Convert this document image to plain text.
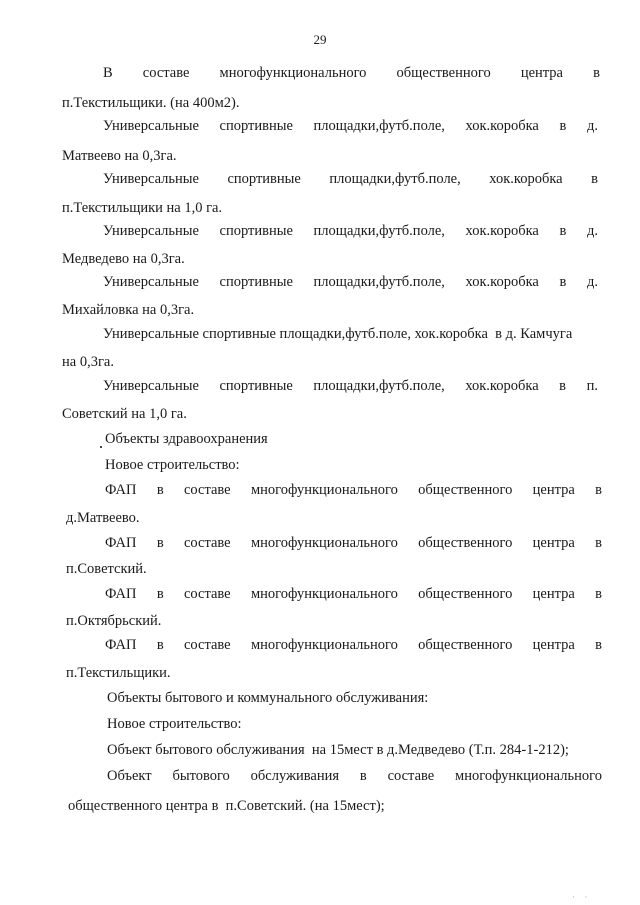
29
В составе многофункционального общественного центра в
п.Текстильщики. (на 400м2).
Универсальные спортивные площадки,футб.поле, хок.коробка в д.
Матвеево на 0,3га.
Универсальные спортивные площадки,футб.поле, хок.коробка в
п.Текстильщики на 1,0 га.
Универсальные спортивные площадки,футб.поле, хок.коробка в д.
Медведево на 0,3га.
Универсальные спортивные площадки,футб.поле, хок.коробка в д.
Михайловка на 0,3га.
Универсальные спортивные площадки,футб.поле, хок.коробка  в д. Камчуга
на 0,3га.
Универсальные спортивные площадки,футб.поле, хок.коробка в п.
Советский на 1,0 га.
Объекты здравоохранения
Новое строительство:
ФАП в составе многофункционального общественного центра в
д.Матвеево.
ФАП в составе многофункционального общественного центра в
п.Советский.
ФАП в составе многофункционального общественного центра в
п.Октябрьский.
ФАП в составе многофункционального общественного центра в
п.Текстильщики.
Объекты бытового и коммунального обслуживания:
Новое строительство:
Объект бытового обслуживания  на 15мест в д.Медведево (Т.п. 284-1-212);
Объект бытового обслуживания в составе многофункционального
общественного центра в  п.Советский. (на 15мест);
· ·
